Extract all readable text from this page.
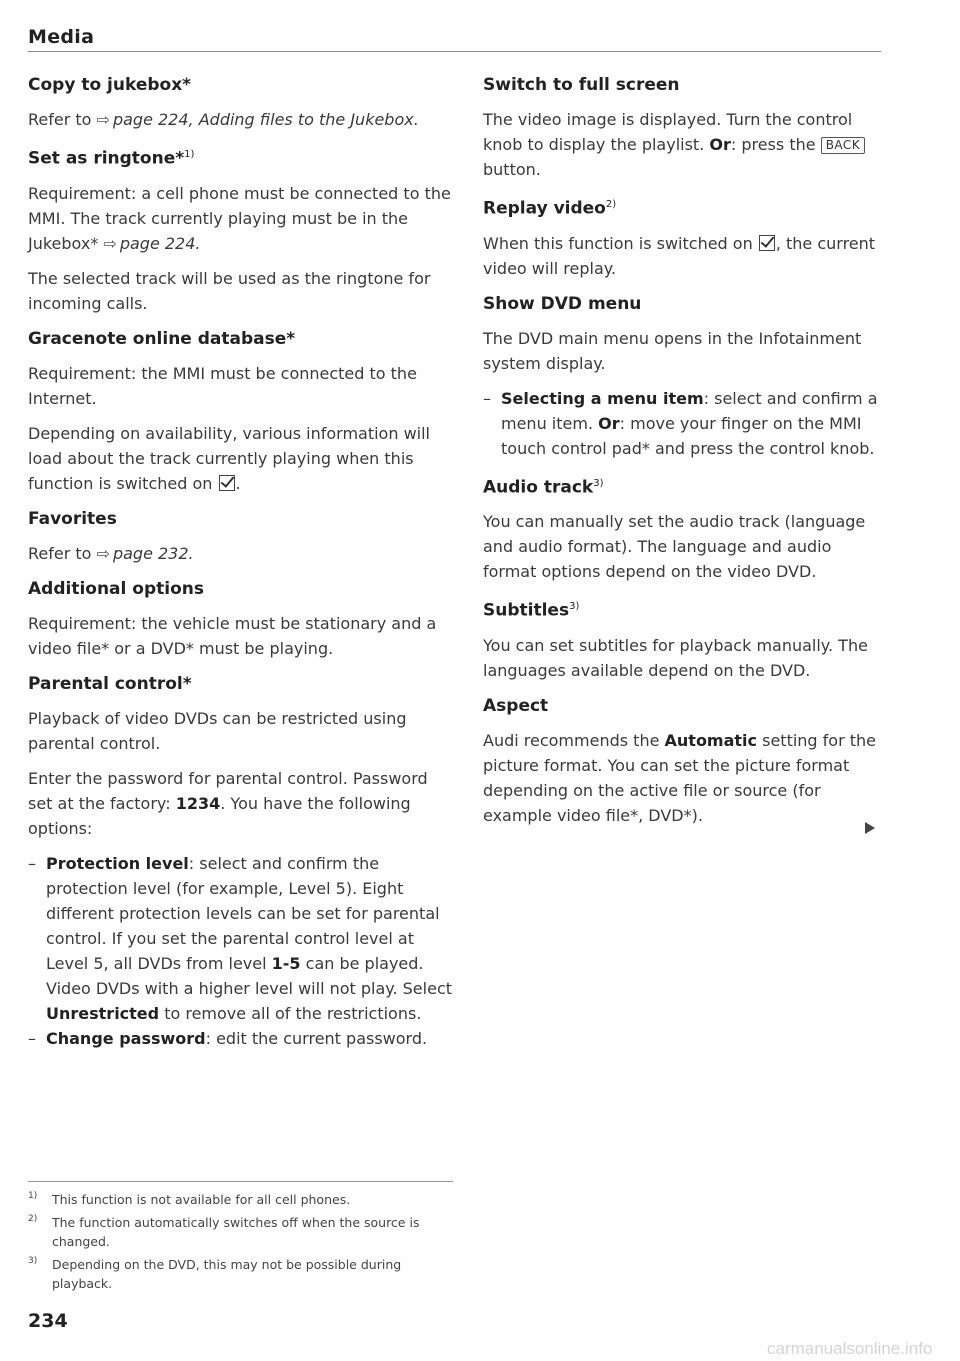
Media
Copy to jukebox*

Refer to ⇨ page 224, Adding files to the Jukebox.

Set as ringtone*$^{1)}$

Requirement: a cell phone must be connected to the MMI. The track currently playing must be in the Jukebox* ⇨ page 224.

The selected track will be used as the ringtone for incoming calls.

Gracenote online database*

Requirement: the MMI must be connected to the Internet.

Depending on availability, various information will load about the track currently playing when this function is switched on .

Favorites

Refer to ⇨ page 232.

Additional options

Requirement: the vehicle must be stationary and a video file* or a DVD* must be playing.

Parental control*

Playback of video DVDs can be restricted using parental control.

Enter the password for parental control. Password set at the factory: 1234. You have the following options:

– Protection level: select and confirm the protection level (for example, Level 5). Eight different protection levels can be set for parental control. If you set the parental control level at Level 5, all DVDs from level 1-5 can be played. Video DVDs with a higher level will not play. Select Unrestricted to remove all of the restrictions.

– Change password: edit the current password.

Switch to full screen

The video image is displayed. Turn the control knob to display the playlist. Or: press the BACK button.

Replay video$^{2)}$

When this function is switched on , the current video will replay.

Show DVD menu

The DVD main menu opens in the Infotainment system display.

– Selecting a menu item: select and confirm a menu item. Or: move your finger on the MMI touch control pad* and press the control knob.

Audio track$^{3)}$

You can manually set the audio track (language and audio format). The language and audio format options depend on the video DVD.

Subtitles$^{3)}$

You can set subtitles for playback manually. The languages available depend on the DVD.

Aspect

Audi recommends the Automatic setting for the picture format. You can set the picture format depending on the active file or source (for example video file*, DVD*).

1) This function is not available for all cell phones.
2) The function automatically switches off when the source is changed.
3) Depending on the DVD, this may not be possible during playback.
234
carmanualsonline.info
